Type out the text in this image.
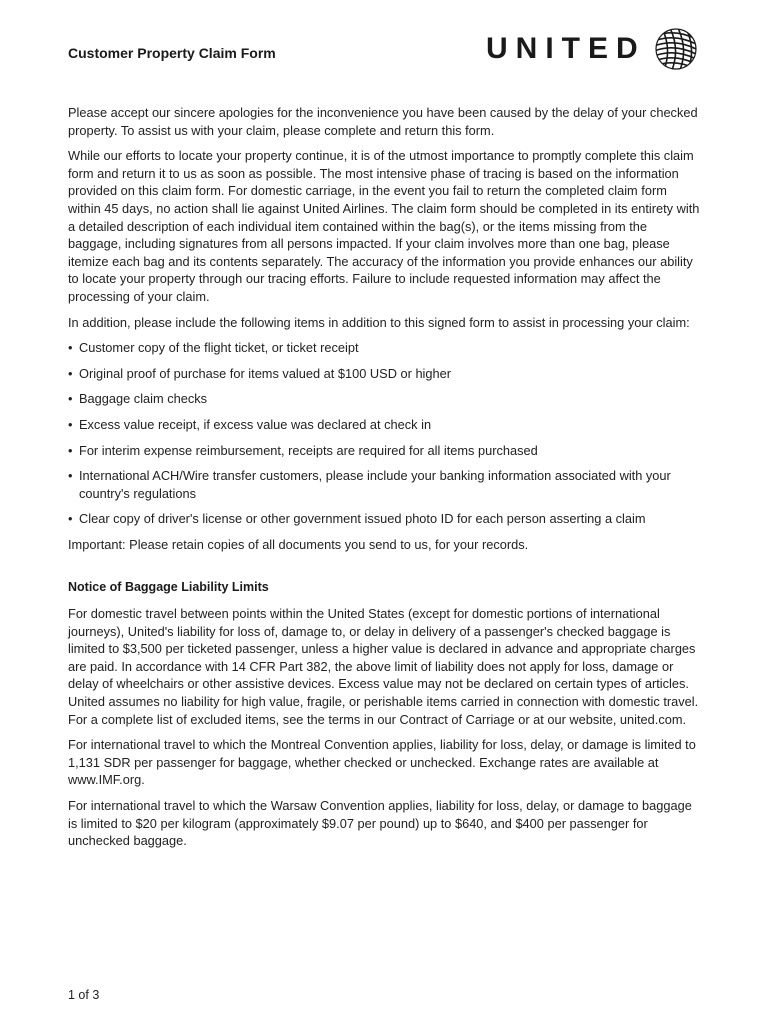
Customer Property Claim Form	UNITED

Please accept our sincere apologies for the inconvenience you have been caused by the delay of your checked property. To assist us with your claim, please complete and return this form.

While our efforts to locate your property continue, it is of the utmost importance to promptly complete this claim form and return it to us as soon as possible. The most intensive phase of tracing is based on the information provided on this claim form. For domestic carriage, in the event you fail to return the completed claim form within 45 days, no action shall lie against United Airlines. The claim form should be completed in its entirety with a detailed description of each individual item contained within the bag(s), or the items missing from the baggage, including signatures from all persons impacted. If your claim involves more than one bag, please itemize each bag and its contents separately. The accuracy of the information you provide enhances our ability to locate your property through our tracing efforts. Failure to include requested information may affect the processing of your claim.

In addition, please include the following items in addition to this signed form to assist in processing your claim:

• Customer copy of the flight ticket, or ticket receipt
• Original proof of purchase for items valued at $100 USD or higher
• Baggage claim checks
• Excess value receipt, if excess value was declared at check in
• For interim expense reimbursement, receipts are required for all items purchased
• International ACH/Wire transfer customers, please include your banking information associated with your country's regulations
• Clear copy of driver's license or other government issued photo ID for each person asserting a claim

Important: Please retain copies of all documents you send to us, for your records.

Notice of Baggage Liability Limits

For domestic travel between points within the United States (except for domestic portions of international journeys), United's liability for loss of, damage to, or delay in delivery of a passenger's checked baggage is limited to $3,500 per ticketed passenger, unless a higher value is declared in advance and appropriate charges are paid. In accordance with 14 CFR Part 382, the above limit of liability does not apply for loss, damage or delay of wheelchairs or other assistive devices. Excess value may not be declared on certain types of articles. United assumes no liability for high value, fragile, or perishable items carried in connection with domestic travel. For a complete list of excluded items, see the terms in our Contract of Carriage or at our website, united.com.

For international travel to which the Montreal Convention applies, liability for loss, delay, or damage is limited to 1,131 SDR per passenger for baggage, whether checked or unchecked. Exchange rates are available at www.IMF.org.

For international travel to which the Warsaw Convention applies, liability for loss, delay, or damage to baggage is limited to $20 per kilogram (approximately $9.07 per pound) up to $640, and $400 per passenger for unchecked baggage.

1 of 3
